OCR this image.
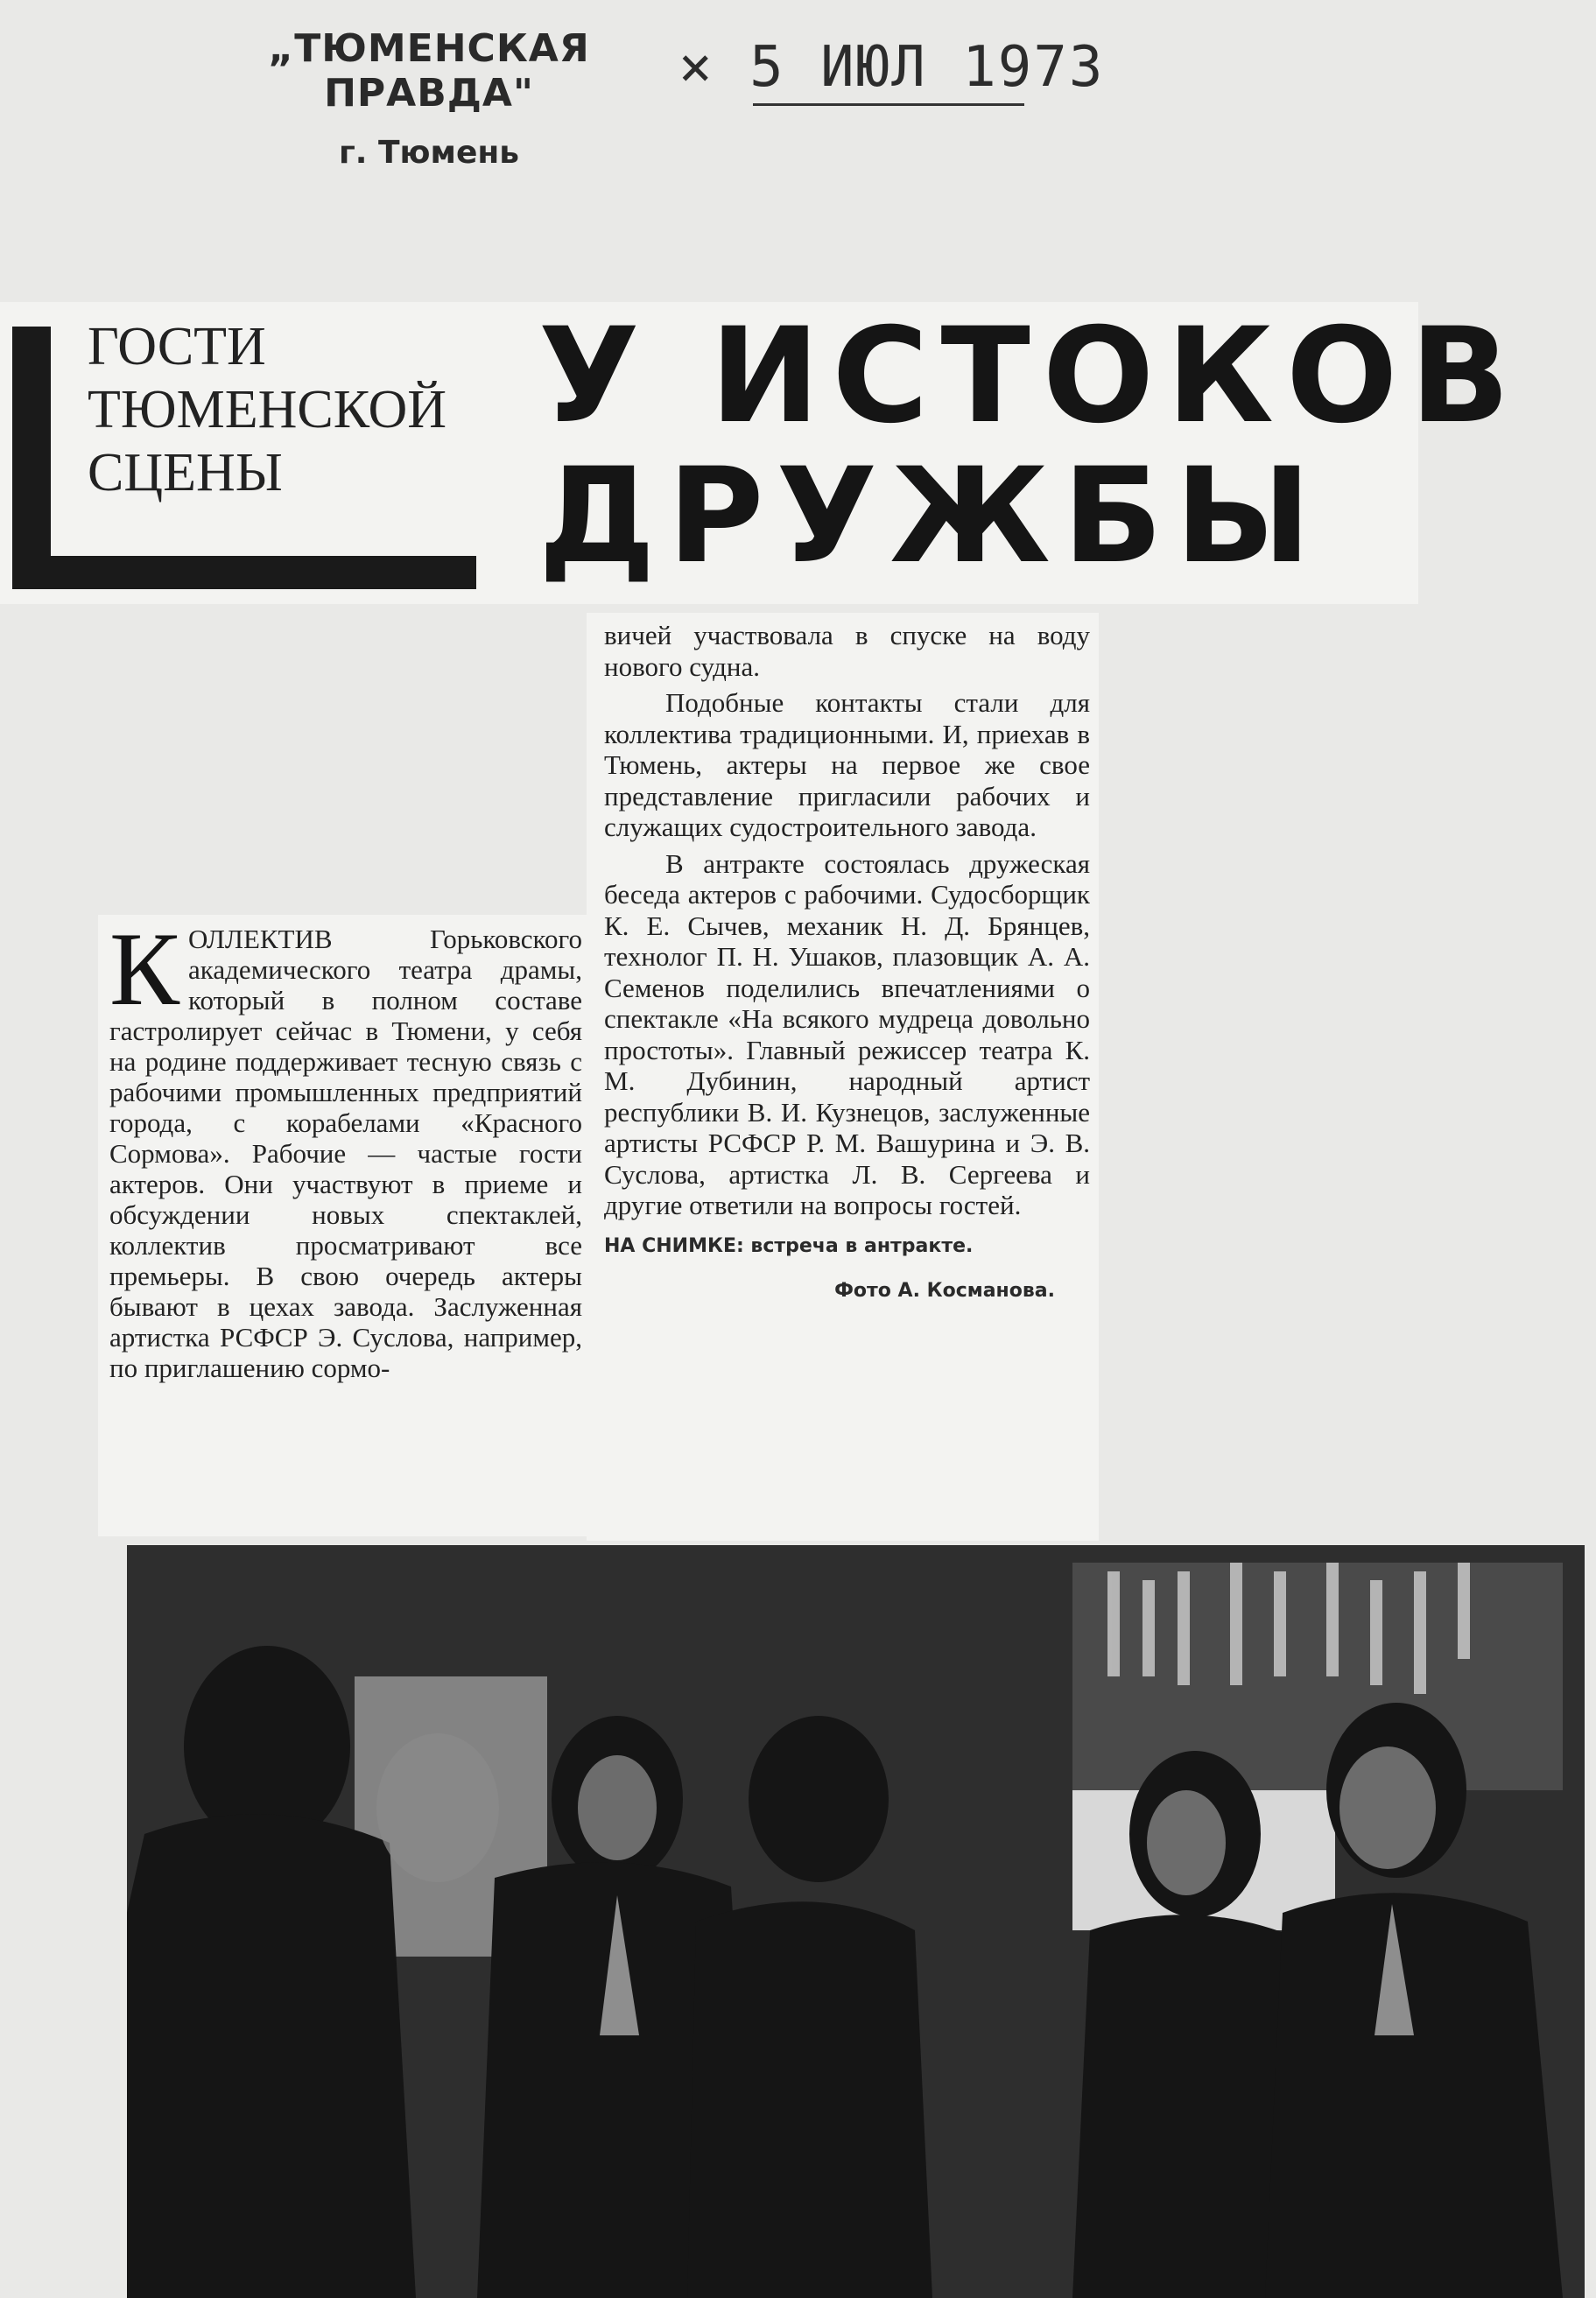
„ТЮМЕНСКАЯ ПРАВДА"
г. Тюмень
× 5 ИЮЛ 1973
ГОСТИ
ТЮМЕНСКОЙ
СЦЕНЫ
У ИСТОКОВ
ДРУЖБЫ

вичей участвовала в спуске на воду нового судна.

Подобные контакты стали для коллектива традиционными. И, приехав в Тюмень, актеры на первое же свое представление пригласили рабочих и служащих судостроительного завода.

В антракте состоялась дружеская беседа актеров с рабочими. Судосборщик К. Е. Сычев, механик Н. Д. Брянцев, технолог П. Н. Ушаков, плазовщик А. А. Семенов поделились впечатлениями о спектакле «На всякого мудреца довольно простоты». Главный режиссер театра К. М. Дубинин, народный артист республики В. И. Кузнецов, заслуженные артисты РСФСР Р. М. Вашурина и Э. В. Суслова, артистка Л. В. Сергеева и другие ответили на вопросы гостей.

НА СНИМКЕ: встреча в антракте.
Фото А. Косманова.
КОЛЛЕКТИВ Горьковского академического театра драмы, который в полном составе гастролирует сейчас в Тюмени, у себя на родине поддерживает тесную связь с рабочими промышленных предприятий города, с корабелами «Красного Сормова». Рабочие — частые гости актеров. Они участвуют в приеме и обсуждении новых спектаклей, коллектив просматривают все премьеры. В свою очередь актеры бывают в цехах завода. Заслуженная артистка РСФСР Э. Суслова, например, по приглашению сормо-
